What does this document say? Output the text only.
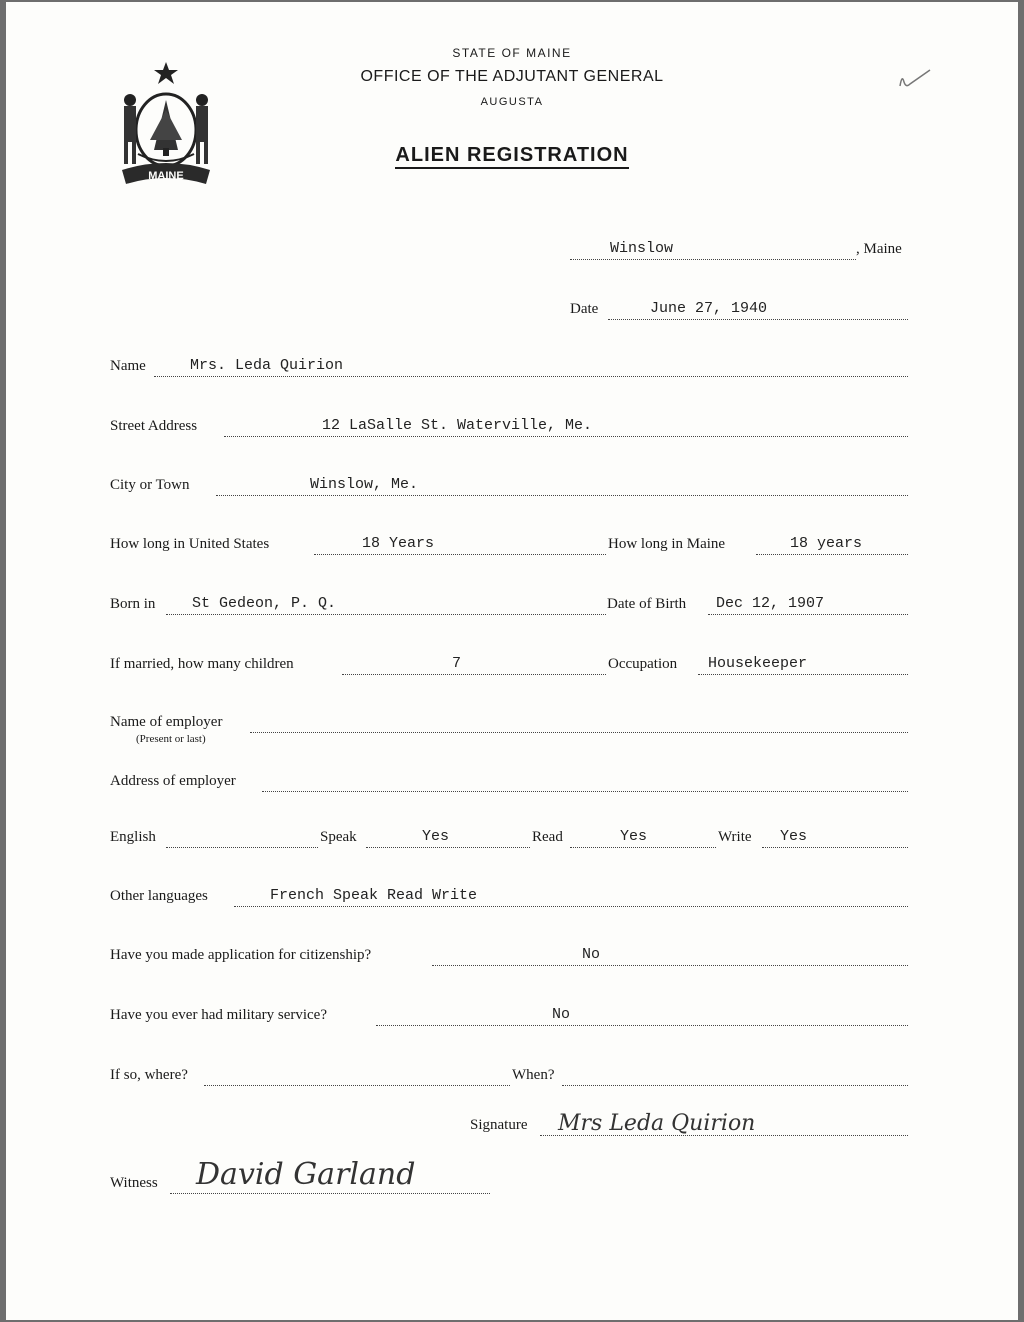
MAINE
STATE OF MAINE
OFFICE OF THE ADJUTANT GENERAL
AUGUSTA
ALIEN REGISTRATION
Winslow	, Maine
Date	June 27, 1940
Name	Mrs. Leda Quirion
Street Address	12 LaSalle St. Waterville, Me.
City or Town	Winslow, Me.
How long in United States	18 Years	How long in Maine	18 years
Born in St Gedeon, P. Q.	Date of Birth Dec 12, 1907
If married, how many children	7	Occupation Housekeeper
Name of employer
(Present or last)
Address of employer
English	Speak	Yes	Read	Yes	Write Yes
Other languages	French Speak Read Write
Have you made application for citizenship?	No
Have you ever had military service?	No
If so, where?	When?
Signature Mrs Leda Quirion
Witness David Garland
